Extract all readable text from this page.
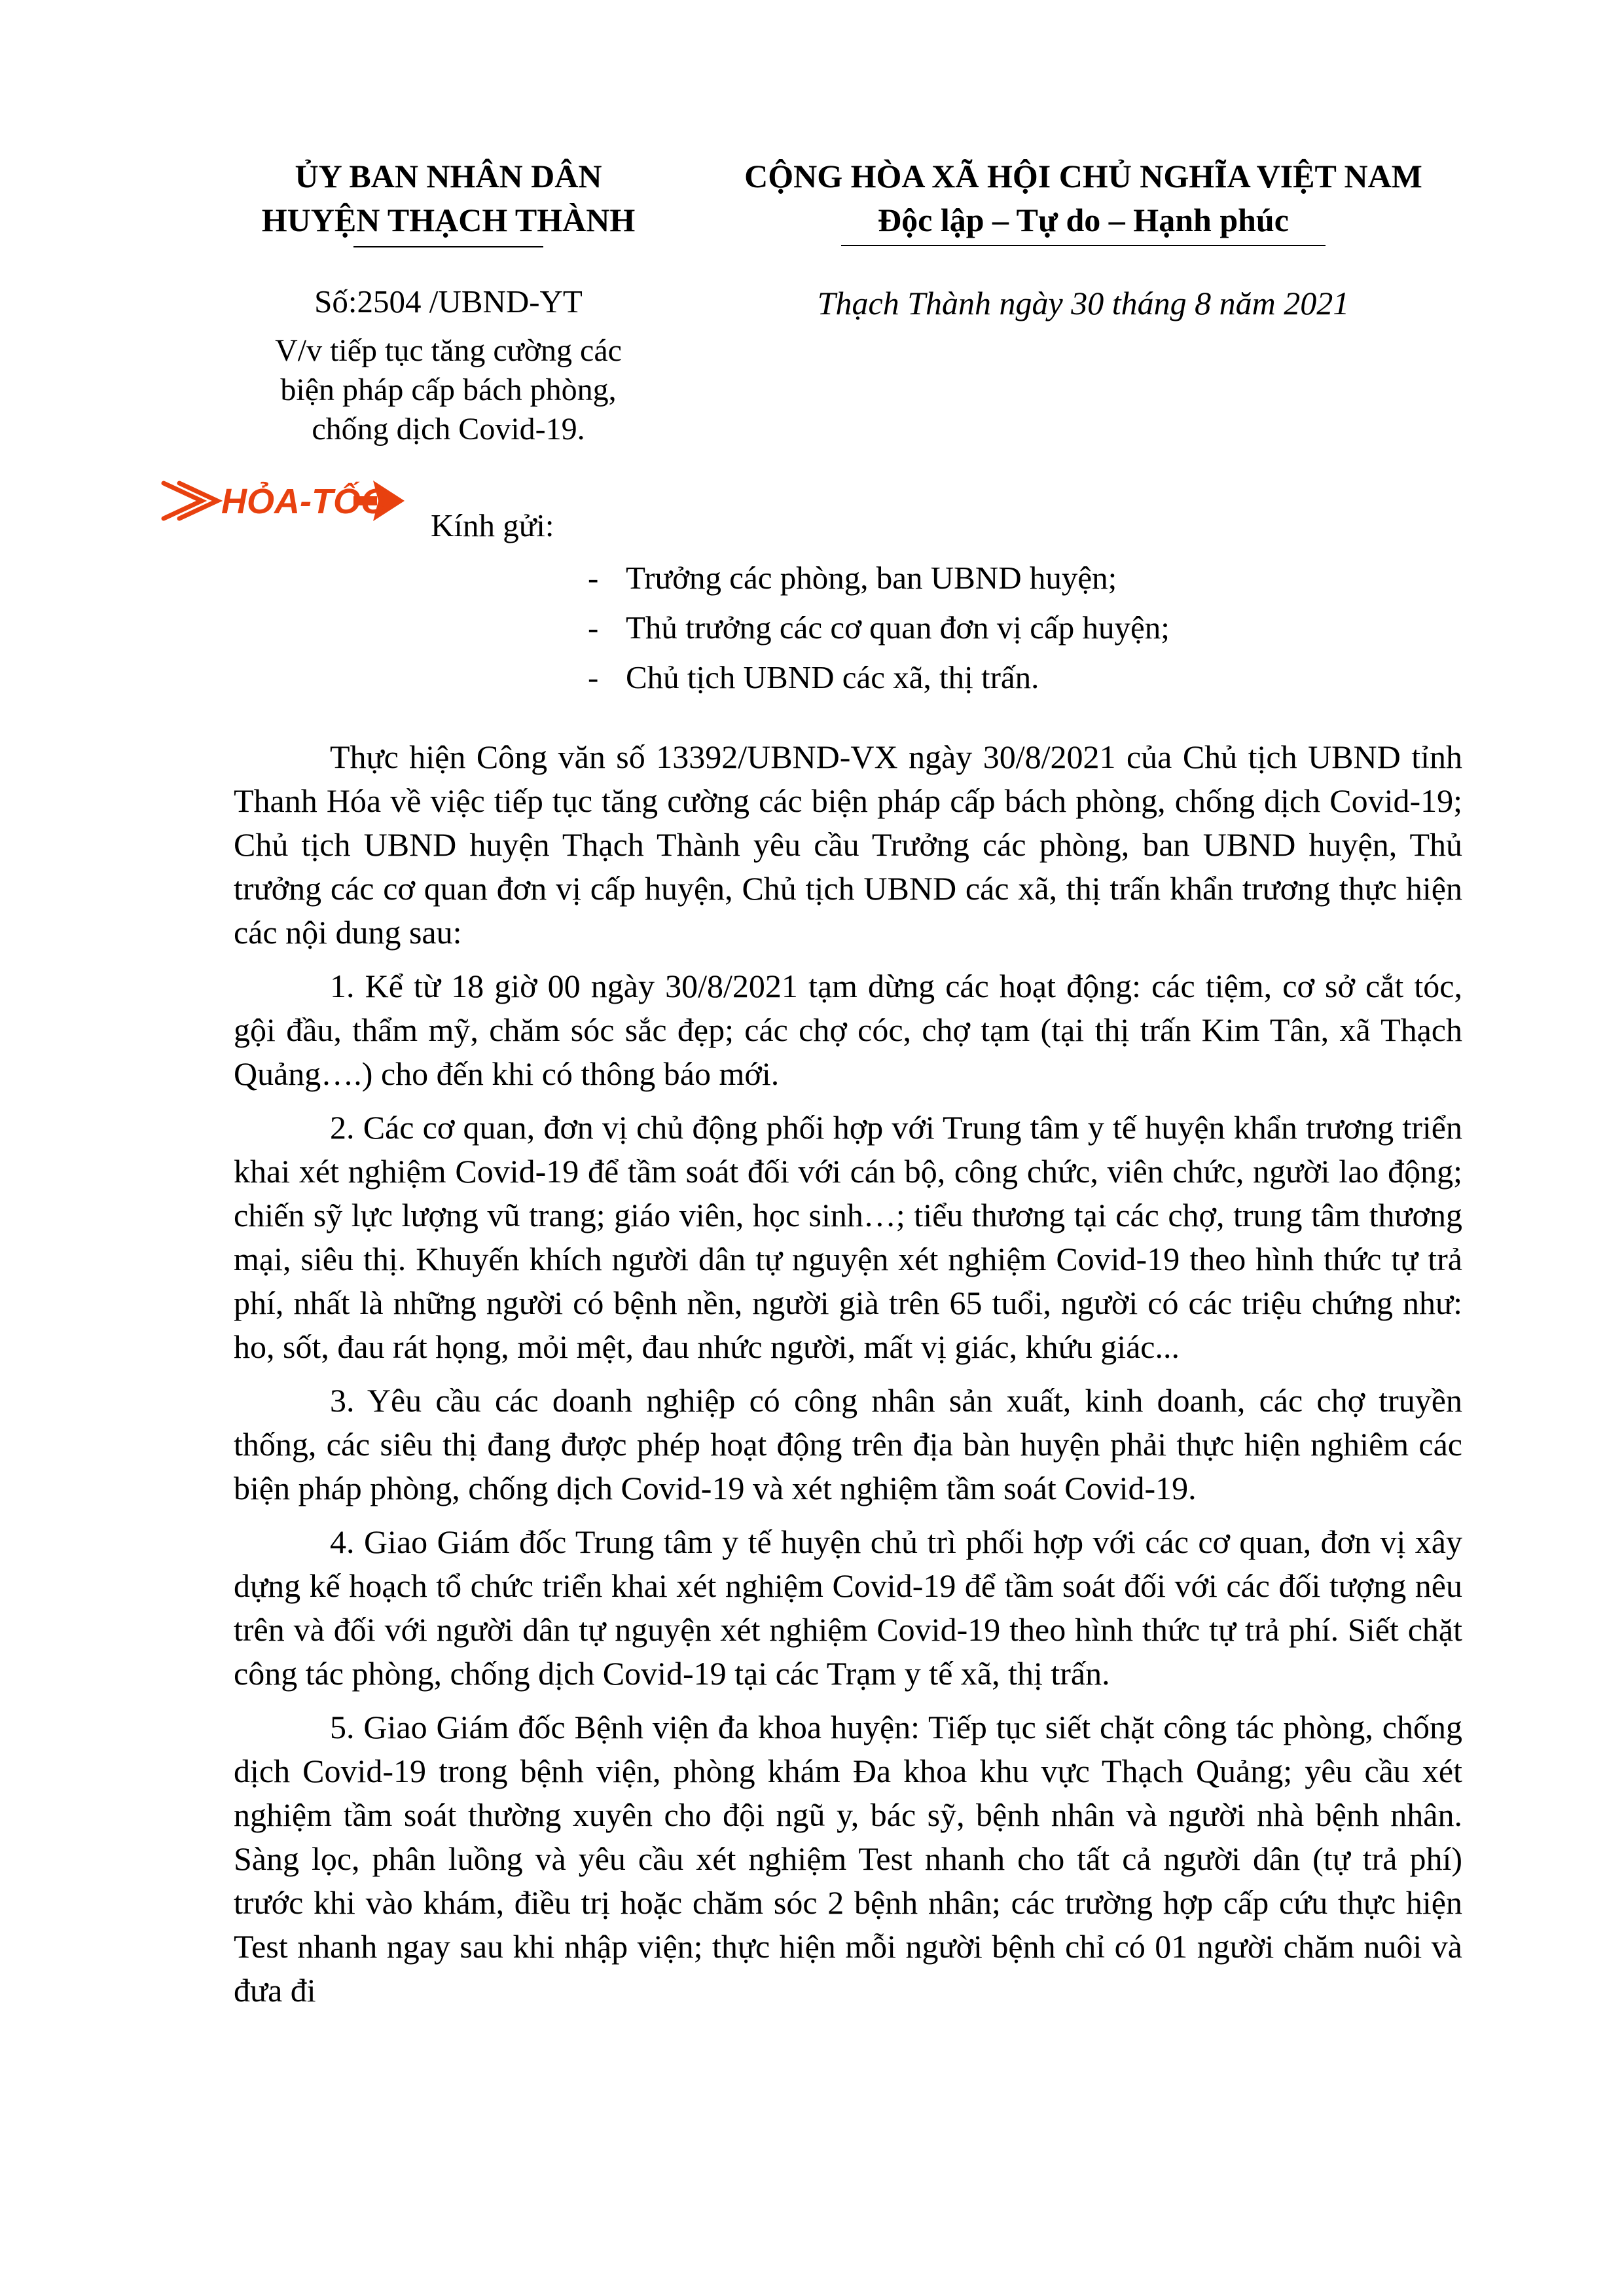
ỦY BAN NHÂN DÂN
HUYỆN THẠCH THÀNH
CỘNG HÒA XÃ HỘI CHỦ NGHĨA VIỆT NAM
Độc lập – Tự do – Hạnh phúc
Số:2504 /UBND-YT	Thạch Thành ngày 30 tháng 8 năm 2021
V/v tiếp tục tăng cường các
biện pháp cấp bách phòng,
chống dịch Covid-19.
HỎA-TỐC
Kính gửi:
- Trưởng các phòng, ban UBND huyện;
- Thủ trưởng các cơ quan đơn vị cấp huyện;
- Chủ tịch UBND các xã, thị trấn.

Thực hiện Công văn số 13392/UBND-VX ngày 30/8/2021 của Chủ tịch UBND tỉnh Thanh Hóa về việc tiếp tục tăng cường các biện pháp cấp bách phòng, chống dịch Covid-19; Chủ tịch UBND huyện Thạch Thành yêu cầu Trưởng các phòng, ban UBND huyện, Thủ trưởng các cơ quan đơn vị cấp huyện, Chủ tịch UBND các xã, thị trấn khẩn trương thực hiện các nội dung sau:

1. Kể từ 18 giờ 00 ngày 30/8/2021 tạm dừng các hoạt động: các tiệm, cơ sở cắt tóc, gội đầu, thẩm mỹ, chăm sóc sắc đẹp; các chợ cóc, chợ tạm (tại thị trấn Kim Tân, xã Thạch Quảng….) cho đến khi có thông báo mới.

2. Các cơ quan, đơn vị chủ động phối hợp với Trung tâm y tế huyện khẩn trương triển khai xét nghiệm Covid-19 để tầm soát đối với cán bộ, công chức, viên chức, người lao động; chiến sỹ lực lượng vũ trang; giáo viên, học sinh…; tiểu thương tại các chợ, trung tâm thương mại, siêu thị. Khuyến khích người dân tự nguyện xét nghiệm Covid-19 theo hình thức tự trả phí, nhất là những người có bệnh nền, người già trên 65 tuổi, người có các triệu chứng như: ho, sốt, đau rát họng, mỏi mệt, đau nhức người, mất vị giác, khứu giác...

3. Yêu cầu các doanh nghiệp có công nhân sản xuất, kinh doanh, các chợ truyền thống, các siêu thị đang được phép hoạt động trên địa bàn huyện phải thực hiện nghiêm các biện pháp phòng, chống dịch Covid-19 và xét nghiệm tầm soát Covid-19.

4. Giao Giám đốc Trung tâm y tế huyện chủ trì phối hợp với các cơ quan, đơn vị xây dựng kế hoạch tổ chức triển khai xét nghiệm Covid-19 để tầm soát đối với các đối tượng nêu trên và đối với người dân tự nguyện xét nghiệm Covid-19 theo hình thức tự trả phí. Siết chặt công tác phòng, chống dịch Covid-19 tại các Trạm y tế xã, thị trấn.

5. Giao Giám đốc Bệnh viện đa khoa huyện: Tiếp tục siết chặt công tác phòng, chống dịch Covid-19 trong bệnh viện, phòng khám Đa khoa khu vực Thạch Quảng; yêu cầu xét nghiệm tầm soát thường xuyên cho đội ngũ y, bác sỹ, bệnh nhân và người nhà bệnh nhân. Sàng lọc, phân luồng và yêu cầu xét nghiệm Test nhanh cho tất cả người dân (tự trả phí) trước khi vào khám, điều trị hoặc chăm sóc 2 bệnh nhân; các trường hợp cấp cứu thực hiện Test nhanh ngay sau khi nhập viện; thực hiện mỗi người bệnh chỉ có 01 người chăm nuôi và đưa đi
